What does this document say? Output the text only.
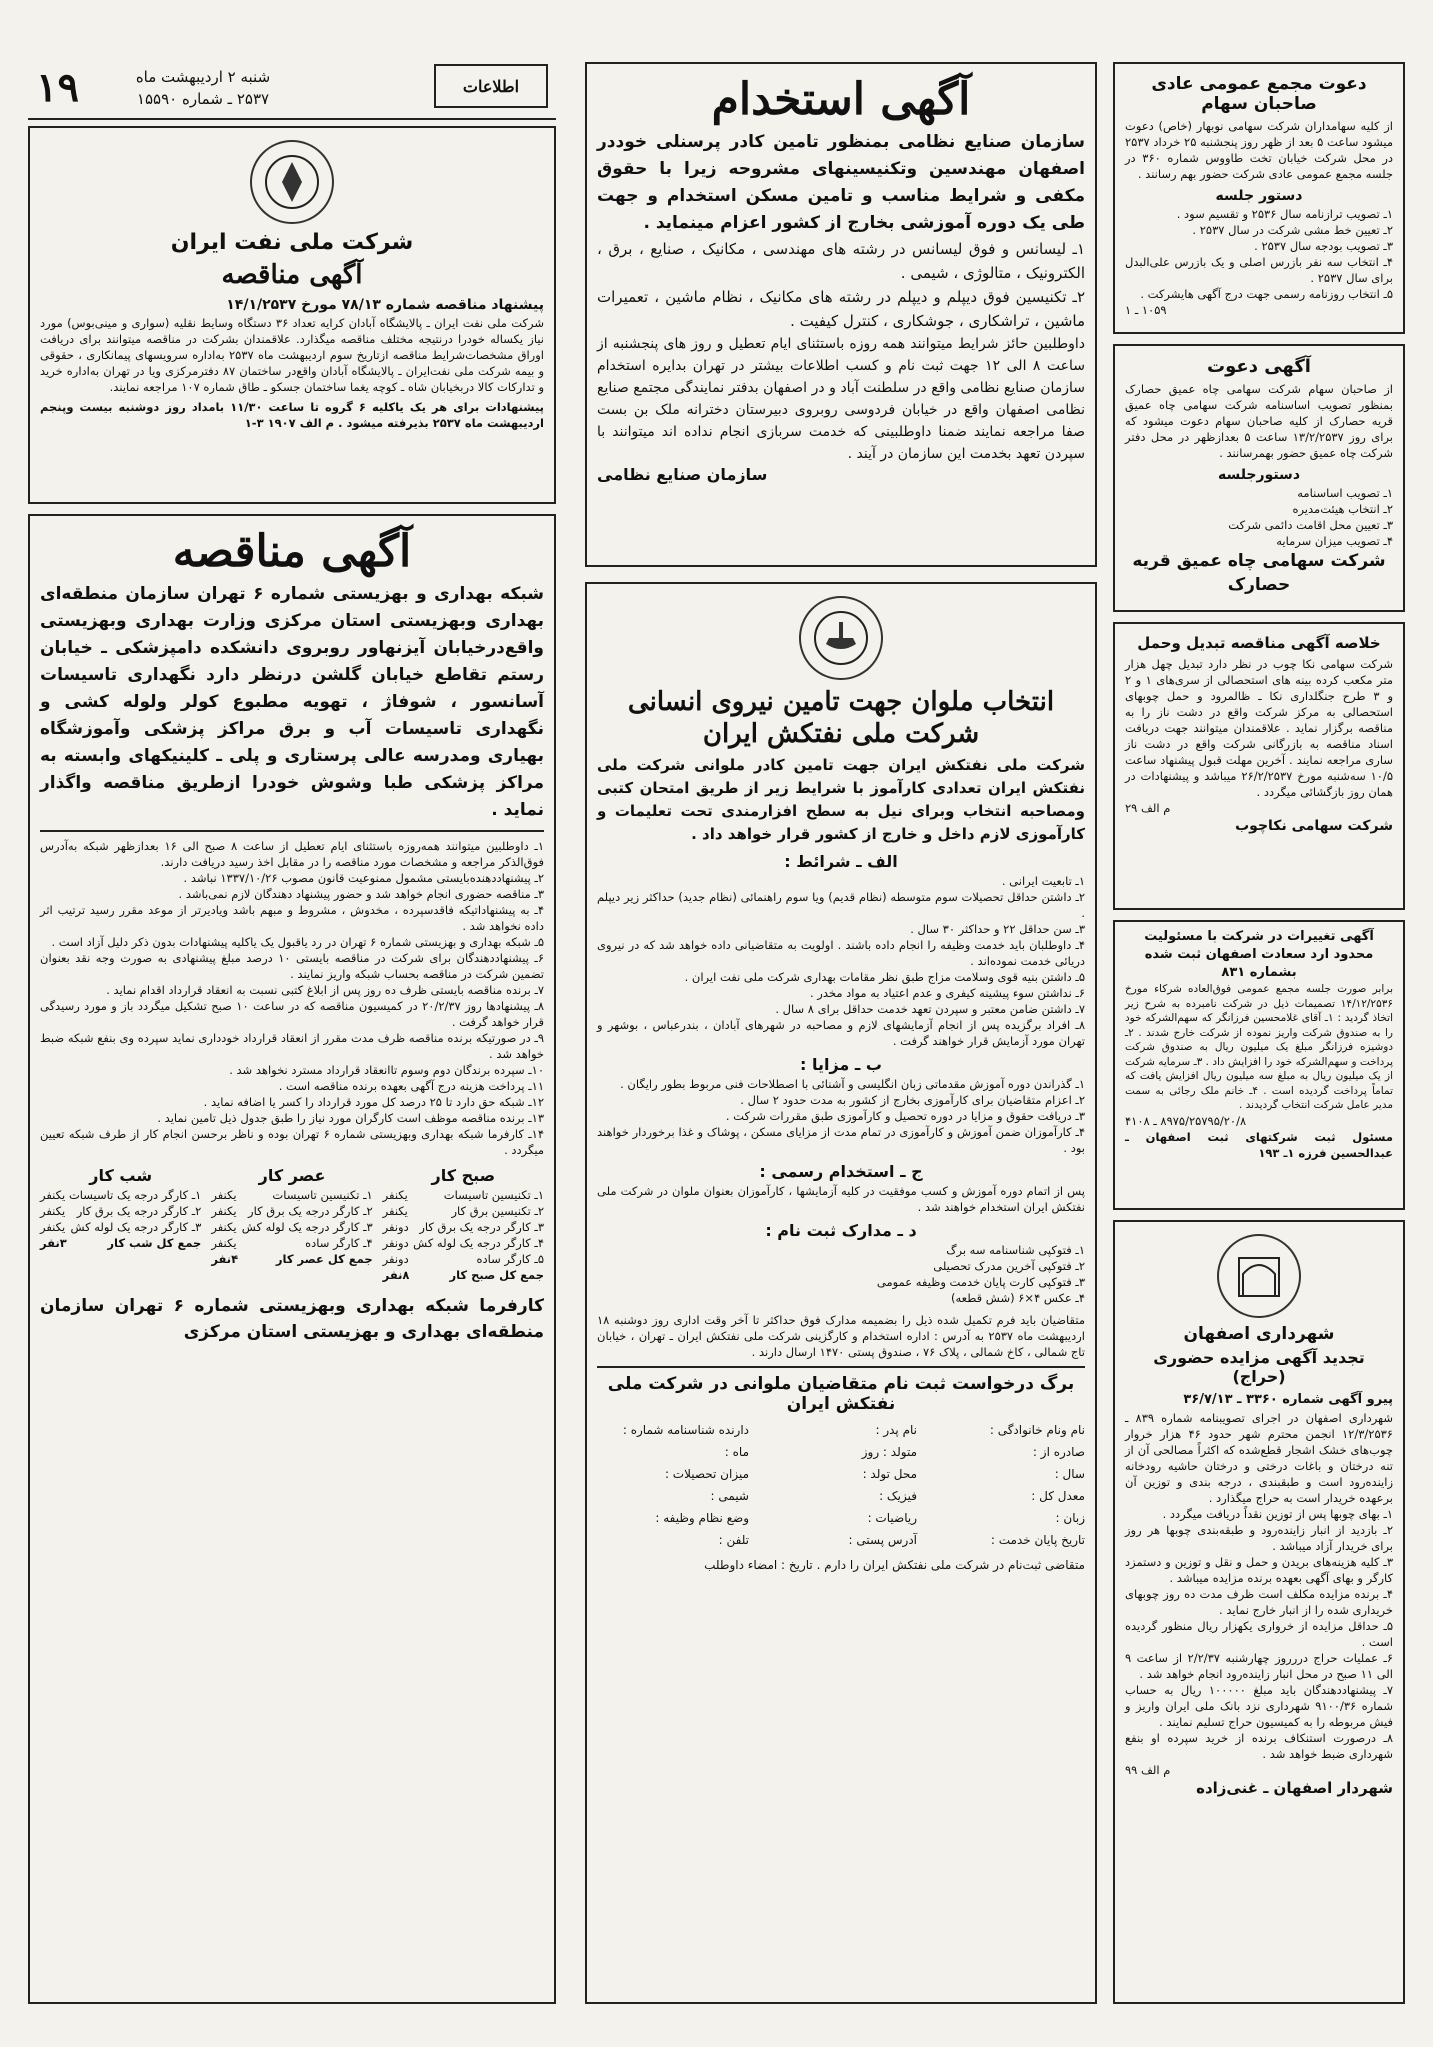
۱۹	شنبه ۲ اردیبهشت ماه
۲۵۳۷ ـ شماره ۱۵۵۹۰
اطلاعات
شرکت ملی نفت ایران
آگهی مناقصه

پیشنهاد مناقصه شماره ۷۸/۱۳ مورخ ۱۴/۱/۲۵۳۷

شرکت ملی نفت ایران ـ پالایشگاه آبادان کرایه تعداد ۳۶ دستگاه وسایط نقلیه (سواری و مینی‌بوس) مورد نیاز یکساله خودرا درنتیجه مختلف مناقصه میگذارد. علاقمندان بشرکت در مناقصه میتوانند برای دریافت اوراق مشخصات‌شرایط مناقصه ازتاریخ سوم اردیبهشت ماه ۲۵۳۷ به‌اداره سرویسهای پیمانکاری ، حقوقی و بیمه شرکت ملی نفت‌ایران ـ پالایشگاه آبادان واقع‌در ساختمان ۸۷ دفترمرکزی ویا در تهران به‌اداره خرید و تدارکات کالا دربخیابان شاه ـ کوچه یغما ساختمان جسکو ـ طاق شماره ۱۰۷ مراجعه نمایند.

پیشنهادات برای هر یک یاکلیه ۶ گروه تا ساعت ۱۱/۳۰ بامداد روز دوشنبه بیست وپنجم اردیبهشت ماه ۲۵۳۷ بذیرفته میشود . م الف ۱۹۰۷ ۳-۱

آگهی مناقصه

شبکه بهداری و بهزیستی شماره ۶ تهران سازمان منطقه‌ای بهداری وبهزیستی استان مرکزی وزارت بهداری وبهزیستی واقع‌درخیابان آیزنهاور روبروی دانشکده دامپزشکی ـ خیابان رستم تقاطع خیابان گلشن درنظر دارد نگهداری تاسیسات آسانسور ، شوفاژ ، تهویه مطبوع کولر ولوله کشی و نگهداری تاسیسات آب و برق مراکز پزشکی وآموزشگاه بهیاری ومدرسه عالی پرستاری و پلی ـ کلینیکهای وابسته به مراکز پزشکی طبا وشوش خودرا ازطریق مناقصه واگذار نماید .

۱ـ داوطلبین میتوانند همه‌روزه باستثنای ایام تعطیل از ساعت ۸ صبح الی ۱۶ بعدازظهر شبکه به‌آدرس فوق‌الذکر مراجعه و مشخصات مورد مناقصه را در مقابل اخذ رسید دریافت دارند.

۲ـ پیشنهاددهنده‌بایستی مشمول ممنوعیت قانون مصوب ۱۳۳۷/۱۰/۲۶ نباشد .

۳ـ مناقصه حضوری انجام خواهد شد و حضور پیشنهاد دهندگان لازم نمی‌باشد .

۴ـ به پیشنهاداتیکه فاقدسپرده ، مخدوش ، مشروط و مبهم باشد ویادیرتر از موعد مقرر رسید ترتیب اثر داده نخواهد شد .

۵ـ شبکه بهداری و بهزیستی شماره ۶ تهران در رد یاقبول یک یاکلیه پیشنهادات بدون ذکر دلیل آزاد است .

۶ـ پیشنهاددهندگان برای شرکت در مناقصه بایستی ۱۰ درصد مبلغ پیشنهادی به صورت وجه نقد بعنوان تضمین شرکت در مناقصه بحساب شبکه واریز نمایند .

۷ـ برنده مناقصه بایستی ظرف ده روز پس از ابلاغ کتبی نسبت به انعقاد قرارداد اقدام نماید .

۸ـ پیشنهادها روز ۲۰/۲/۳۷ در کمیسیون مناقصه که در ساعت ۱۰ صبح تشکیل میگردد باز و مورد رسیدگی قرار خواهد گرفت .

۹ـ در صورتیکه برنده مناقصه ظرف مدت مقرر از انعقاد قرارداد خودداری نماید سپرده وی بنفع شبکه ضبط خواهد شد .

۱۰ـ سپرده برندگان دوم وسوم تاانعقاد قرارداد مسترد نخواهد شد .

۱۱ـ پرداخت هزینه درج آگهی بعهده برنده مناقصه است .

۱۲ـ شبکه حق دارد تا ۲۵ درصد کل مورد قرارداد را کسر یا اضافه نماید .

۱۳ـ برنده مناقصه موظف است کارگران مورد نیاز را طبق جدول ذیل تامین نماید .

۱۴ـ کارفرما شبکه بهداری وبهزیستی شماره ۶ تهران بوده و ناظر برحسن انجام کار از طرف شبکه تعیین میگردد .

صبح کار
۱ـ تکنیسین تاسیسات
یکنفر
۲ـ تکنیسین برق کار
یکنفر
۳ـ کارگر درجه یک برق کار
دونفر
۴ـ کارگر درجه یک لوله کش
دونفر
۵ـ کارگر ساده
دونفر
جمع کل صبح کار
۸نفر
عصر کار
۱ـ تکنیسین تاسیسات
یکنفر
۲ـ کارگر درجه یک برق کار
یکنفر
۳ـ کارگر درجه یک لوله کش
یکنفر
۴ـ کارگر ساده
یکنفر
جمع کل عصر کار
۴نفر
شب کار
۱ـ کارگر درجه یک تاسیسات
یکنفر
۲ـ کارگر درجه یک برق کار
یکنفر
۳ـ کارگر درجه یک لوله کش
یکنفر
جمع کل شب کار
۳نفر

کارفرما شبکه بهداری وبهزیستی شماره ۶ تهران سازمان منطقه‌ای بهداری و بهزیستی استان مرکزی

آگهی استخدام

سازمان صنایع نظامی بمنظور تامین کادر پرسنلی خوددر اصفهان مهندسین وتکنیسینهای مشروحه زیرا با حقوق مکفی و شرایط مناسب و تامین مسکن استخدام و جهت طی یک دوره آموزشی بخارج از کشور اعزام مینماید .

۱ـ لیسانس و فوق لیسانس در رشته های مهندسی ، مکانیک ، صنایع ، برق ، الکترونیک ، متالوژی ، شیمی .

۲ـ تکنیسین فوق دیپلم و دیپلم در رشته های مکانیک ، نظام ماشین ، تعمیرات ماشین ، تراشکاری ، جوشکاری ، کنترل کیفیت .

داوطلبین حائز شرایط میتوانند همه روزه باستثنای ایام تعطیل و روز های پنجشنبه از ساعت ۸ الی ۱۲ جهت ثبت نام و کسب اطلاعات بیشتر در تهران بدایره استخدام سازمان صنایع نظامی واقع در سلطنت آباد و در اصفهان بدفتر نمایندگی مجتمع صنایع نظامی اصفهان واقع در خیابان فردوسی روبروی دبیرستان دخترانه ملک بن بست صفا مراجعه نمایند ضمنا داوطلبینی که خدمت سربازی انجام نداده اند میتوانند با سپردن تعهد بخدمت این سازمان در آیند .

سازمان صنایع نظامی

انتخاب ملوان جهت تامین نیروی انسانی شرکت ملی نفتکش ایران

شرکت ملی نفتکش ایران جهت تامین کادر ملوانی شرکت ملی نفتکش ایران تعدادی کارآموز با شرایط زیر از طریق امتحان کتبی ومصاحبه انتخاب وبرای نیل به سطح افزارمندی تحت تعلیمات و کارآموزی لازم داخل و خارج از کشور قرار خواهد داد .

الف ـ شرائط :

۱ـ تابعیت ایرانی .

۲ـ داشتن حداقل تحصیلات سوم متوسطه (نظام قدیم) ویا سوم راهنمائی (نظام جدید) حداکثر زیر دیپلم .

۳ـ سن حداقل ۲۲ و حداکثر ۳۰ سال .

۴ـ داوطلبان باید خدمت وظیفه را انجام داده باشند . اولویت به متقاضیانی داده خواهد شد که در نیروی دریائی خدمت نموده‌اند .

۵ـ داشتن بنیه قوی وسلامت مزاج طبق نظر مقامات بهداری شرکت ملی نفت ایران .

۶ـ نداشتن سوء پیشینه کیفری و عدم اعتیاد به مواد مخدر .

۷ـ داشتن ضامن معتبر و سپردن تعهد خدمت حداقل برای ۸ سال .

۸ـ افراد برگزیده پس از انجام آزمایشهای لازم و مصاحبه در شهرهای آبادان ، بندرعباس ، بوشهر و تهران مورد آزمایش قرار خواهند گرفت .

ب ـ مزایا :

۱ـ گذراندن دوره آموزش مقدماتی زبان انگلیسی و آشنائی با اصطلاحات فنی مربوط بطور رایگان .

۲ـ اعزام متقاضیان برای کارآموزی بخارج از کشور به مدت حدود ۲ سال .

۳ـ دریافت حقوق و مزایا در دوره تحصیل و کارآموزی طبق مقررات شرکت .

۴ـ کارآموزان ضمن آموزش و کارآموزی در تمام مدت از مزایای مسکن ، پوشاک و غذا برخوردار خواهند بود .

ج ـ استخدام رسمی :

پس از اتمام دوره آموزش و کسب موفقیت در کلیه آزمایشها ، کارآموزان بعنوان ملوان در شرکت ملی نفتکش ایران استخدام خواهند شد .

د ـ مدارک ثبت نام :

۱ـ فتوکپی شناسنامه سه برگ

۲ـ فتوکپی آخرین مدرک تحصیلی

۳ـ فتوکپی کارت پایان خدمت وظیفه عمومی

۴ـ عکس ۴×۶ (شش قطعه)

متقاضیان باید فرم تکمیل شده ذیل را بضمیمه مدارک فوق حداکثر تا آخر وقت اداری روز دوشنبه ۱۸ اردیبهشت ماه ۲۵۳۷ به آدرس : اداره استخدام و کارگزینی شرکت ملی نفتکش ایران ـ تهران ، خیابان تاج شمالی ، کاخ شمالی ، پلاک ۷۶ ، صندوق پستی ۱۴۷۰ ارسال دارند .

برگ درخواست ثبت نام متقاضیان ملوانی در شرکت ملی نفتکش ایران
نام ونام خانوادگی :
نام پدر :
دارنده شناسنامه شماره :
صادره از :
متولد : روز
ماه :
سال :
محل تولد :
میزان تحصیلات :
معدل کل :
فیزیک :
شیمی :
زبان :
ریاضیات :
وضع نظام وظیفه :
تاریخ پایان خدمت :
آدرس پستی :
تلفن :

متقاضی ثبت‌نام در شرکت ملی نفتکش ایران را دارم . تاریخ : امضاء داوطلب

دعوت مجمع عمومی عادی صاحبان سهام

از کلیه سهامداران شرکت سهامی نوبهار (خاص) دعوت میشود ساعت ۵ بعد از ظهر روز پنجشنبه ۲۵ خرداد ۲۵۳۷ در محل شرکت خیابان تخت طاووس شماره ۳۶۰ در جلسه مجمع عمومی عادی شرکت حضور بهم رسانند .

دستور جلسه

۱ـ تصویب ترازنامه سال ۲۵۳۶ و تقسیم سود .

۲ـ تعیین خط مشی شرکت در سال ۲۵۳۷ .

۳ـ تصویب بودجه سال ۲۵۳۷ .

۴ـ انتخاب سه نفر بازرس اصلی و یک بازرس علی‌البدل برای سال ۲۵۳۷ .

۵ـ انتخاب روزنامه رسمی جهت درج آگهی هایشرکت .

۱۰۵۹ ـ ۱

آگهی دعوت

از صاحبان سهام شرکت سهامی چاه عمیق حصارک بمنظور تصویب اساسنامه شرکت سهامی چاه عمیق قریه حصارک از کلیه صاحبان سهام دعوت میشود که برای روز ۱۳/۲/۲۵۳۷ ساعت ۵ بعدازظهر در محل دفتر شرکت چاه عمیق حضور بهمرسانند .

دستورجلسه

۱ـ تصویب اساسنامه

۲ـ انتخاب هیئت‌مدیره

۳ـ تعیین محل اقامت دائمی شرکت

۴ـ تصویب میزان سرمایه

شرکت سهامی چاه عمیق قریه حصارک

خلاصه آگهی مناقصه تبدیل وحمل

شرکت سهامی نکا چوب در نظر دارد تبدیل چهل هزار متر مکعب کرده بینه های استحصالی از سری‌های ۱ و ۲ و ۳ طرح جنگلداری نکا ـ ظالمرود و حمل چوبهای استحصالی به مرکز شرکت واقع در دشت ناز را به مناقصه برگزار نماید . علاقمندان میتوانند جهت دریافت اسناد مناقصه به بازرگانی شرکت واقع در دشت ناز ساری مراجعه نمایند . آخرین مهلت قبول پیشنهاد ساعت ۱۰/۵ سه‌شنبه مورخ ۲۶/۲/۲۵۳۷ میباشد و پیشنهادات در همان روز بازگشائی میگردد .

م الف ۲۹

شرکت سهامی نکاچوب

آگهی تغییرات در شرکت با مسئولیت محدود ارد سعادت اصفهان ثبت شده بشماره ۸۳۱

برابر صورت جلسه مجمع عمومی فوق‌العاده شرکاء مورخ ۱۴/۱۲/۲۵۳۶ تصمیمات ذیل در شرکت نامبرده به شرح زیر اتخاذ گردید : ۱ـ آقای غلامحسین فرزانگر که سهم‌الشرکه خود را به صندوق شرکت واریز نموده از شرکت خارج شدند . ۲ـ دوشیزه فرزانگر مبلغ یک میلیون ریال به صندوق شرکت پرداخت و سهم‌الشرکه خود را افزایش داد . ۳ـ سرمایه شرکت از یک میلیون ریال به مبلغ سه میلیون ریال افزایش یافت که تماماً پرداخت گردیده است . ۴ـ خانم ملک رجائی به سمت مدیر عامل شرکت انتخاب گردیدند .

۸۹۷۵/۲۵۷۹۵/۲۰/۸ ـ ۴۱۰۸

مسئول ثبت شرکتهای ثبت اصفهان ـ عبدالحسین فرزه ۱ـ ۱۹۳

شهرداری اصفهان
تجدید آگهی مزایده حضوری (حراج)

پیرو آگهی شماره ۳۳۶۰ ـ ۳۶/۷/۱۳

شهرداری اصفهان در اجرای تصویبنامه شماره ۸۳۹ ـ ۱۲/۳/۲۵۳۶ انجمن محترم شهر حدود ۴۶ هزار خروار چوب‌های خشک اشجار قطع‌شده که اکثراً مصالحی آن از تنه درختان و باغات درختی و درختان حاشیه رودخانه زاینده‌رود است و طبقبندی ، درجه بندی و توزین آن برعهده خریدار است به حراج میگذارد .

۱ـ بهای چوبها پس از توزین نقداً دریافت میگردد .

۲ـ بازدید از انبار زاینده‌رود و طبقه‌بندی چوبها هر روز برای خریدار آزاد میباشد .

۳ـ کلیه هزینه‌های بریدن و حمل و نقل و توزین و دستمزد کارگر و بهای آگهی بعهده برنده مزایده میباشد .

۴ـ برنده مزایده مکلف است ظرف مدت ده روز چوبهای خریداری شده را از انبار خارج نماید .

۵ـ حداقل مزایده از خرواری یکهزار ریال منظور گردیده است .

۶ـ عملیات حراج دررروز چهارشنبه ۲/۲/۳۷ از ساعت ۹ الی ۱۱ صبح در محل انبار زاینده‌رود انجام خواهد شد .

۷ـ پیشنهاددهندگان باید مبلغ ۱۰۰۰۰۰ ریال به حساب شماره ۹۱۰۰/۳۶ شهرداری نزد بانک ملی ایران واریز و فیش مربوطه را به کمیسیون حراج تسلیم نمایند .

۸ـ درصورت استنکاف برنده از خرید سپرده او بنفع شهرداری ضبط خواهد شد .

م الف ۹۹

شهردار اصفهان ـ غنی‌زاده
